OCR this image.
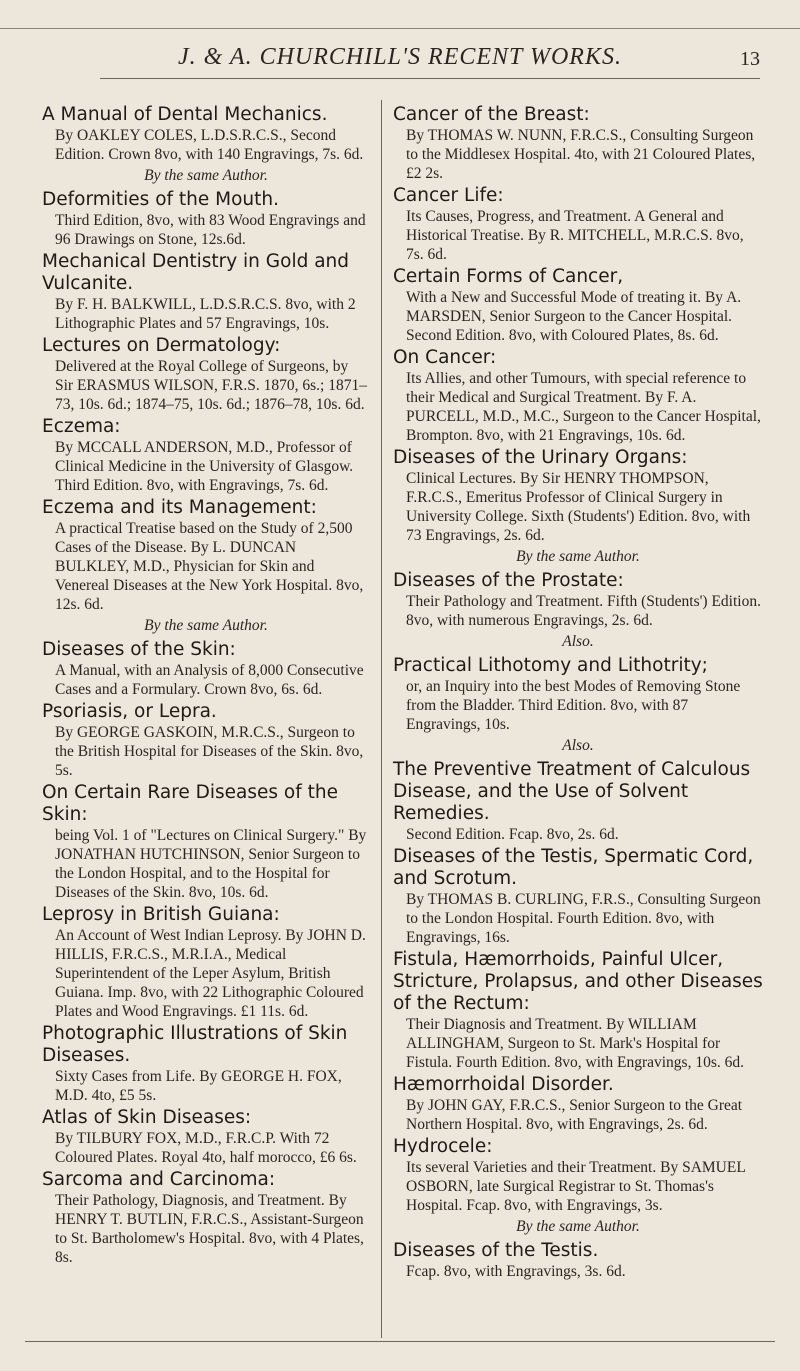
J. & A. CHURCHILL'S RECENT WORKS.	13
A Manual of Dental Mechanics.
By OAKLEY COLES, L.D.S.R.C.S., Second Edition. Crown 8vo, with 140 Engravings, 7s. 6d.
By the same Author.
Deformities of the Mouth.
Third Edition, 8vo, with 83 Wood Engravings and 96 Drawings on Stone, 12s.6d.
Mechanical Dentistry in Gold and Vulcanite.
By F. H. BALKWILL, L.D.S.R.C.S. 8vo, with 2 Lithographic Plates and 57 Engravings, 10s.
Lectures on Dermatology:
Delivered at the Royal College of Surgeons, by Sir ERASMUS WILSON, F.R.S. 1870, 6s.; 1871–73, 10s. 6d.; 1874–75, 10s. 6d.; 1876–78, 10s. 6d.
Eczema:
By MCCALL ANDERSON, M.D., Professor of Clinical Medicine in the University of Glasgow. Third Edition. 8vo, with Engravings, 7s. 6d.
Eczema and its Management:
A practical Treatise based on the Study of 2,500 Cases of the Disease. By L. DUNCAN BULKLEY, M.D., Physician for Skin and Venereal Diseases at the New York Hospital. 8vo, 12s. 6d.
By the same Author.
Diseases of the Skin:
A Manual, with an Analysis of 8,000 Consecutive Cases and a Formulary. Crown 8vo, 6s. 6d.
Psoriasis, or Lepra.
By GEORGE GASKOIN, M.R.C.S., Surgeon to the British Hospital for Diseases of the Skin. 8vo, 5s.
On Certain Rare Diseases of the Skin:
being Vol. 1 of "Lectures on Clinical Surgery." By JONATHAN HUTCHINSON, Senior Surgeon to the London Hospital, and to the Hospital for Diseases of the Skin. 8vo, 10s. 6d.
Leprosy in British Guiana:
An Account of West Indian Leprosy. By JOHN D. HILLIS, F.R.C.S., M.R.I.A., Medical Superintendent of the Leper Asylum, British Guiana. Imp. 8vo, with 22 Lithographic Coloured Plates and Wood Engravings. £1 11s. 6d.
Photographic Illustrations of Skin Diseases.
Sixty Cases from Life. By GEORGE H. FOX, M.D. 4to, £5 5s.
Atlas of Skin Diseases:
By TILBURY FOX, M.D., F.R.C.P. With 72 Coloured Plates. Royal 4to, half morocco, £6 6s.
Sarcoma and Carcinoma:
Their Pathology, Diagnosis, and Treatment. By HENRY T. BUTLIN, F.R.C.S., Assistant-Surgeon to St. Bartholomew's Hospital. 8vo, with 4 Plates, 8s.
Cancer of the Breast:
By THOMAS W. NUNN, F.R.C.S., Consulting Surgeon to the Middlesex Hospital. 4to, with 21 Coloured Plates, £2 2s.
Cancer Life:
Its Causes, Progress, and Treatment. A General and Historical Treatise. By R. MITCHELL, M.R.C.S. 8vo, 7s. 6d.
Certain Forms of Cancer,
With a New and Successful Mode of treating it. By A. MARSDEN, Senior Surgeon to the Cancer Hospital. Second Edition. 8vo, with Coloured Plates, 8s. 6d.
On Cancer:
Its Allies, and other Tumours, with special reference to their Medical and Surgical Treatment. By F. A. PURCELL, M.D., M.C., Surgeon to the Cancer Hospital, Brompton. 8vo, with 21 Engravings, 10s. 6d.
Diseases of the Urinary Organs:
Clinical Lectures. By Sir HENRY THOMPSON, F.R.C.S., Emeritus Professor of Clinical Surgery in University College. Sixth (Students') Edition. 8vo, with 73 Engravings, 2s. 6d.
By the same Author.
Diseases of the Prostate:
Their Pathology and Treatment. Fifth (Students') Edition. 8vo, with numerous Engravings, 2s. 6d.
Also.
Practical Lithotomy and Lithotrity;
or, an Inquiry into the best Modes of Removing Stone from the Bladder. Third Edition. 8vo, with 87 Engravings, 10s.
Also.
The Preventive Treatment of Calculous Disease, and the Use of Solvent Remedies.
Second Edition. Fcap. 8vo, 2s. 6d.
Diseases of the Testis, Spermatic Cord, and Scrotum.
By THOMAS B. CURLING, F.R.S., Consulting Surgeon to the London Hospital. Fourth Edition. 8vo, with Engravings, 16s.
Fistula, Hæmorrhoids, Painful Ulcer, Stricture, Prolapsus, and other Diseases of the Rectum:
Their Diagnosis and Treatment. By WILLIAM ALLINGHAM, Surgeon to St. Mark's Hospital for Fistula. Fourth Edition. 8vo, with Engravings, 10s. 6d.
Hæmorrhoidal Disorder.
By JOHN GAY, F.R.C.S., Senior Surgeon to the Great Northern Hospital. 8vo, with Engravings, 2s. 6d.
Hydrocele:
Its several Varieties and their Treatment. By SAMUEL OSBORN, late Surgical Registrar to St. Thomas's Hospital. Fcap. 8vo, with Engravings, 3s.
By the same Author.
Diseases of the Testis.
Fcap. 8vo, with Engravings, 3s. 6d.
